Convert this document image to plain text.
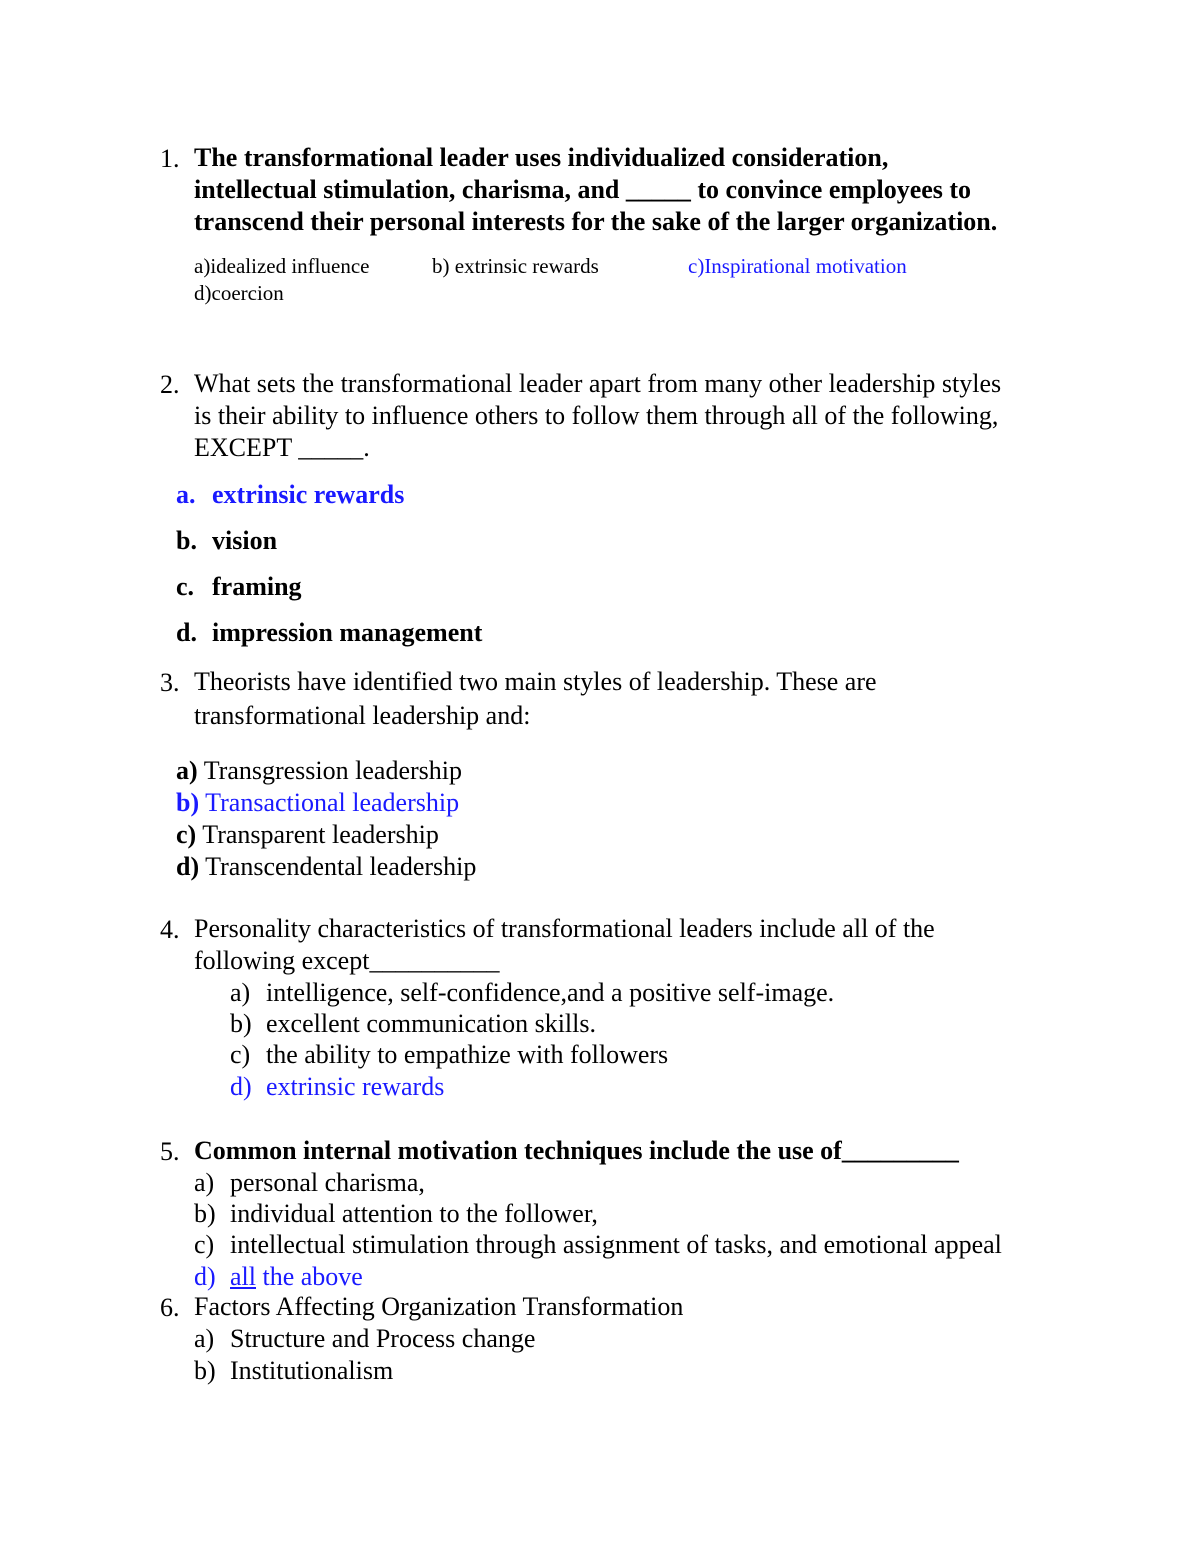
1. The transformational leader uses individualized consideration,
intellectual stimulation, charisma, and _____ to convince employees to
transcend their personal interests for the sake of the larger organization.
a)idealized influence	b) extrinsic rewards	c)Inspirational motivation
d)coercion
2. What sets the transformational leader apart from many other leadership styles
is their ability to influence others to follow them through all of the following,
EXCEPT _____.
a. extrinsic rewards
b. vision
c. framing
d. impression management
3. Theorists have identified two main styles of leadership. These are
transformational leadership and:
a) Transgression leadership
b) Transactional leadership
c) Transparent leadership
d) Transcendental leadership
4. Personality characteristics of transformational leaders include all of the
following except__________
a) intelligence, self-confidence,and a positive self-image.
b) excellent communication skills.
c) the ability to empathize with followers
d) extrinsic rewards
5. Common internal motivation techniques include the use of_________
a) personal charisma,
b) individual attention to the follower,
c) intellectual stimulation through assignment of tasks, and emotional appeal
d) all the above
6. Factors Affecting Organization Transformation
a) Structure and Process change
b) Institutionalism
